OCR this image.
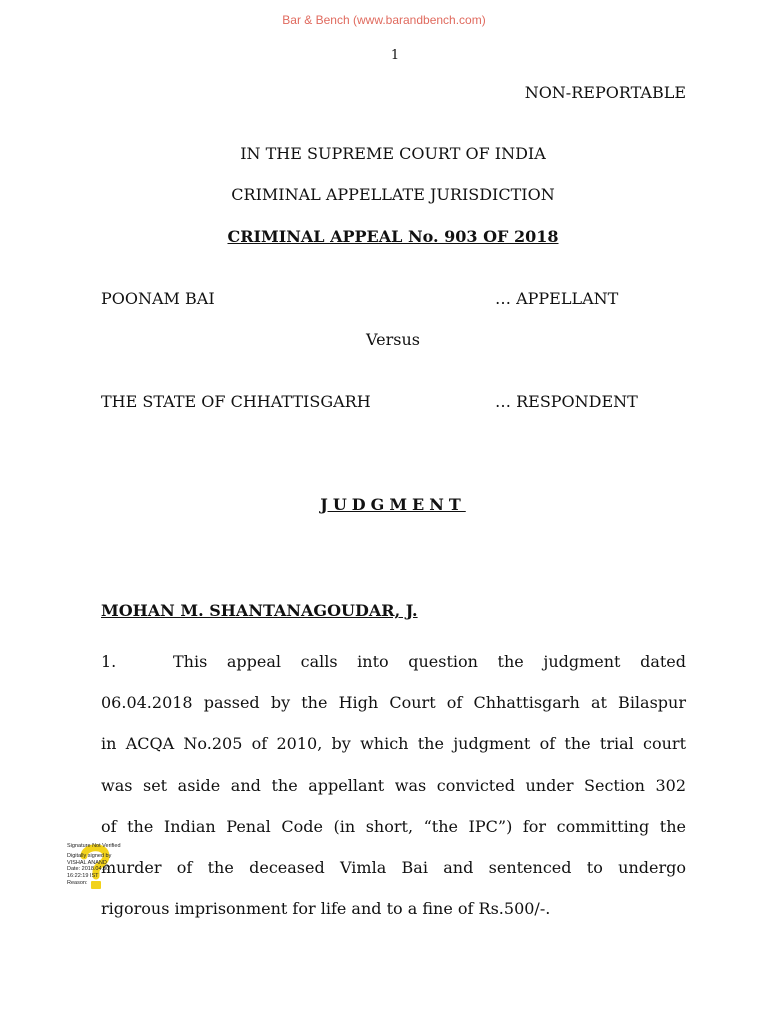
Bar & Bench (www.barandbench.com)
1
NON-REPORTABLE
IN THE SUPREME COURT OF INDIA
CRIMINAL APPELLATE JURISDICTION
CRIMINAL APPEAL No. 903 OF 2018
POONAM BAI	… APPELLANT
Versus
THE STATE OF CHHATTISGARH	… RESPONDENT
JUDGMENT
MOHAN M. SHANTANAGOUDAR, J.
1.	This appeal calls into question the judgment dated
06.04.2018 passed by the High Court of Chhattisgarh at Bilaspur
in ACQA No.205 of 2010, by which the judgment of the trial court
was set aside and the appellant was convicted under Section 302
of the Indian Penal Code (in short, “the IPC”) for committing the
murder of the deceased Vimla Bai and sentenced to undergo
rigorous imprisonment for life and to a fine of Rs.500/-.
Signature Not Verified
Digitally signed by
VISHAL ANAND
Date: 2018.04.30
16:22:19 IST
Reason:
